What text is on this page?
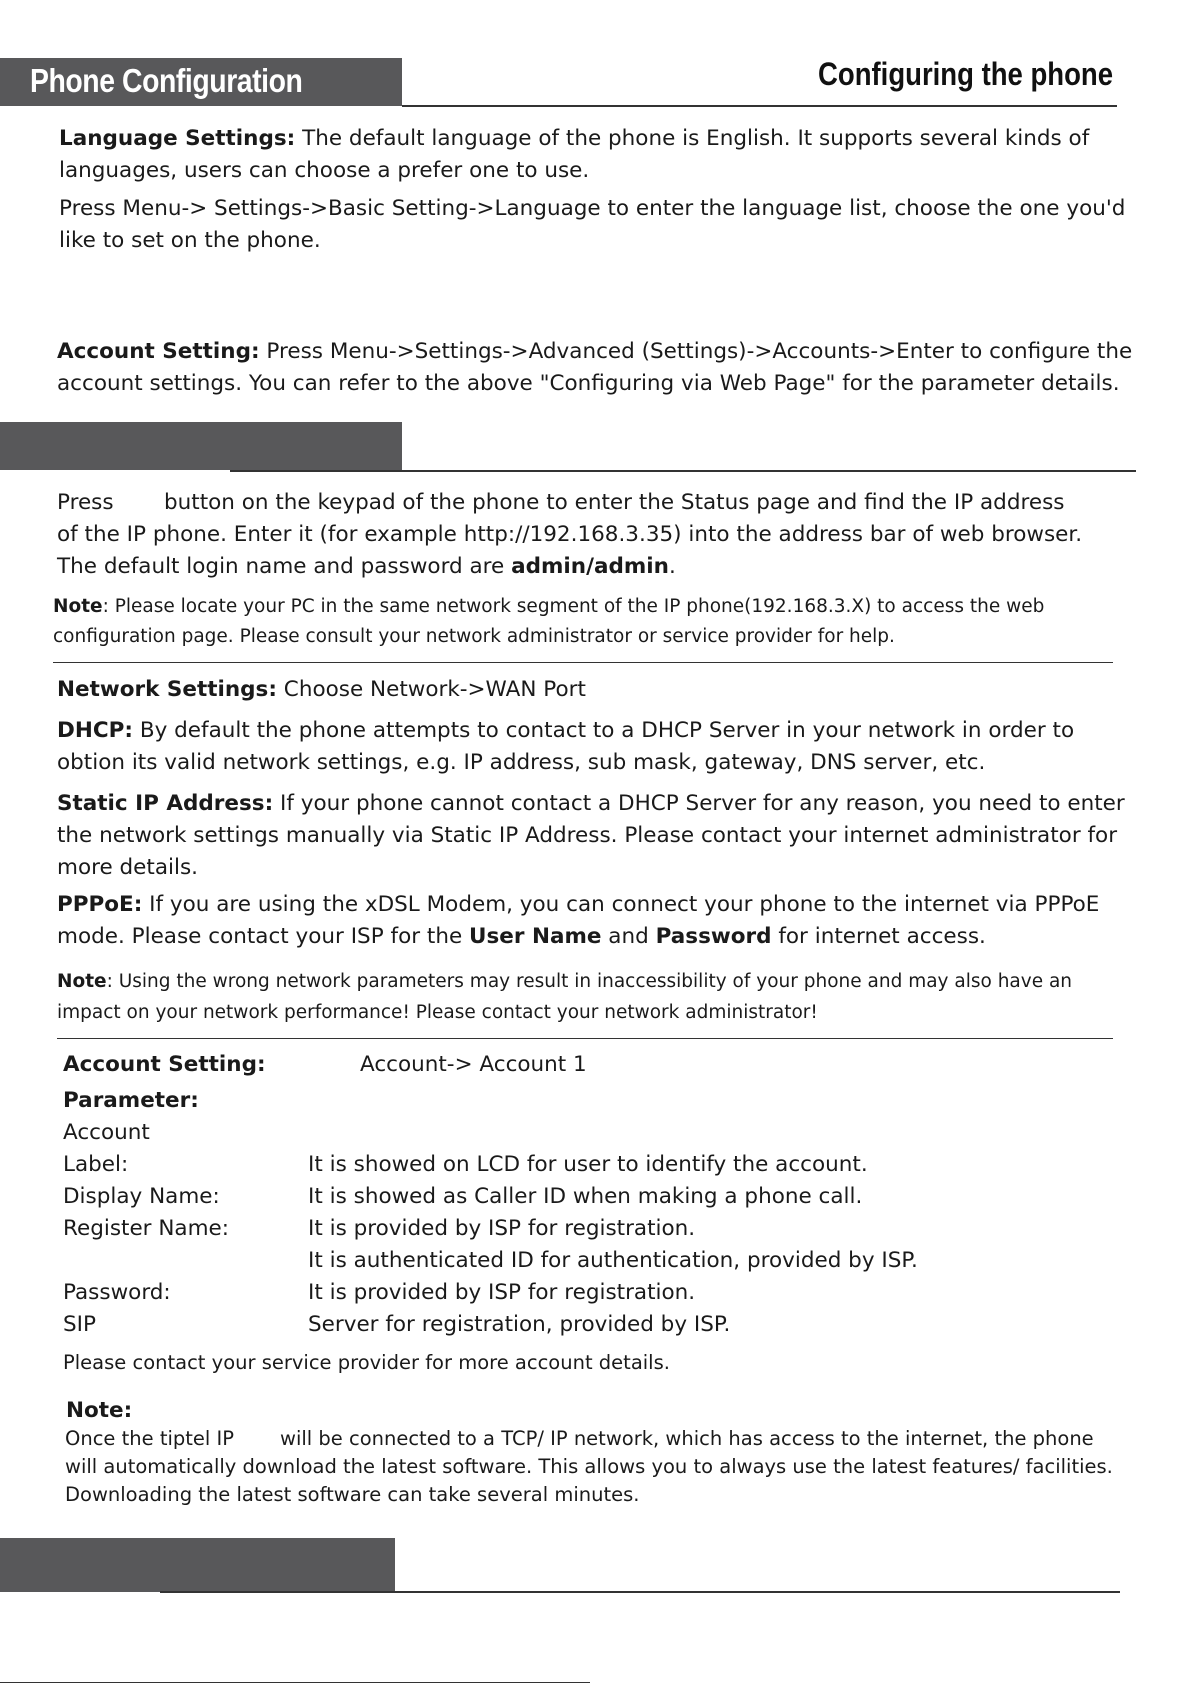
Phone Configuration	Configuring the phone
Language Settings: The default language of the phone is English. It supports several kinds of
languages, users can choose a prefer one to use.
Press Menu-> Settings->Basic Setting->Language to enter the language list, choose the one you'd
like to set on the phone.
Account Setting: Press Menu->Settings->Advanced (Settings)->Accounts->Enter to configure the
account settings. You can refer to the above "Configuring via Web Page" for the parameter details.
Press button on the keypad of the phone to enter the Status page and find the IP address
of the IP phone. Enter it (for example http://192.168.3.35) into the address bar of web browser.
The default login name and password are admin/admin.
Note: Please locate your PC in the same network segment of the IP phone(192.168.3.X) to access the web
configuration page. Please consult your network administrator or service provider for help.
Network Settings: Choose Network->WAN Port
DHCP: By default the phone attempts to contact to a DHCP Server in your network in order to
obtion its valid network settings, e.g. IP address, sub mask, gateway, DNS server, etc.
Static IP Address: If your phone cannot contact a DHCP Server for any reason, you need to enter
the network settings manually via Static IP Address. Please contact your internet administrator for
more details.
PPPoE: If you are using the xDSL Modem, you can connect your phone to the internet via PPPoE
mode. Please contact your ISP for the User Name and Password for internet access.
Note: Using the wrong network parameters may result in inaccessibility of your phone and may also have an
impact on your network performance! Please contact your network administrator!
Account Setting:	Account-> Account 1
Parameter:
Account
Label:	It is showed on LCD for user to identify the account.
Display Name:	It is showed as Caller ID when making a phone call.
Register Name:	It is provided by ISP for registration.
It is authenticated ID for authentication, provided by ISP.
Password:	It is provided by ISP for registration.
SIP	Server for registration, provided by ISP.
Please contact your service provider for more account details.
Note:
Once the tiptel IP will be connected to a TCP/ IP network, which has access to the internet, the phone
will automatically download the latest software. This allows you to always use the latest features/ facilities.
Downloading the latest software can take several minutes.
